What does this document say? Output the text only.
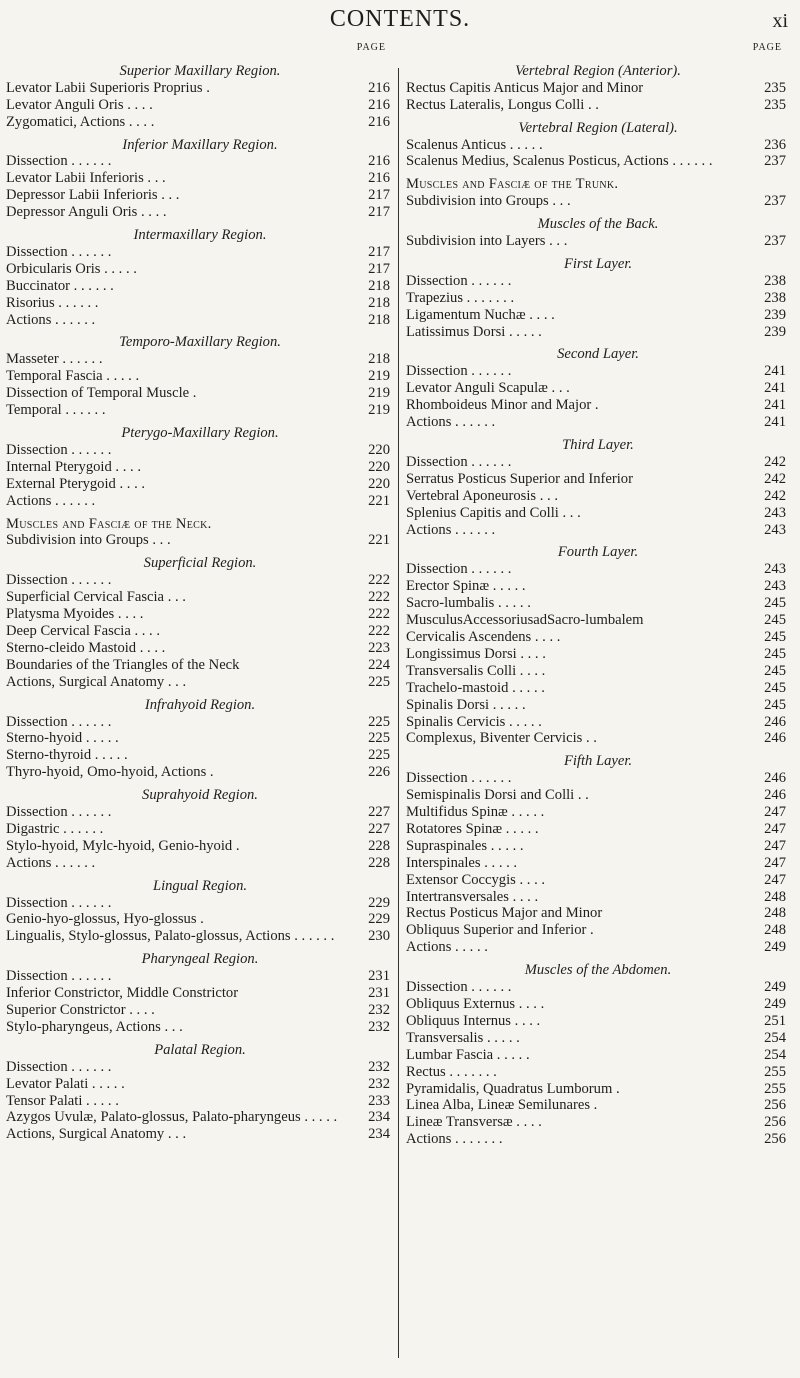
CONTENTS.	xi
PAGE
Superior Maxillary Region.
Levator Labii Superioris Proprius .	216
Levator Anguli Oris . . . .	216
Zygomatici, Actions . . . .	216
Inferior Maxillary Region.
Dissection . . . . . .	216
Levator Labii Inferioris . . .	216
Depressor Labii Inferioris . . .	217
Depressor Anguli Oris . . . .	217
Intermaxillary Region.
Dissection . . . . . .	217
Orbicularis Oris . . . . .	217
Buccinator . . . . . .	218
Risorius . . . . . .	218
Actions . . . . . .	218
Temporo-Maxillary Region.
Masseter . . . . . .	218
Temporal Fascia . . . . .	219
Dissection of Temporal Muscle .	219
Temporal . . . . . .	219
Pterygo-Maxillary Region.
Dissection . . . . . .	220
Internal Pterygoid . . . .	220
External Pterygoid . . . .	220
Actions . . . . . .	221
Muscles and Fasciæ of the Neck.
Subdivision into Groups . . .	221
Superficial Region.
Dissection . . . . . .	222
Superficial Cervical Fascia . . .	222
Platysma Myoides . . . .	222
Deep Cervical Fascia . . . .	222
Sterno-cleido Mastoid . . . .	223
Boundaries of the Triangles of the Neck	224
Actions, Surgical Anatomy . . .	225
Infrahyoid Region.
Dissection . . . . . .	225
Sterno-hyoid . . . . .	225
Sterno-thyroid . . . . .	225
Thyro-hyoid, Omo-hyoid, Actions .	226
Suprahyoid Region.
Dissection . . . . . .	227
Digastric . . . . . .	227
Stylo-hyoid, Mylc-hyoid, Genio-hyoid .	228
Actions . . . . . .	228
Lingual Region.
Dissection . . . . . .	229
Genio-hyo-glossus, Hyo-glossus .	229
Lingualis, Stylo-glossus, Palato-glossus, Actions . . . . . . 230
Pharyngeal Region.
Dissection . . . . . .	231
Inferior Constrictor, Middle Constrictor	231
Superior Constrictor . . . .	232
Stylo-pharyngeus, Actions . . .	232
Palatal Region.
Dissection . . . . . .	232
Levator Palati . . . . .	232
Tensor Palati . . . . .	233
Azygos Uvulæ, Palato-glossus, Palato-pharyngeus . . . . . 234
Actions, Surgical Anatomy . . .	234
PAGE
Vertebral Region (Anterior).
Rectus Capitis Anticus Major and Minor	235
Rectus Lateralis, Longus Colli . .	235
Vertebral Region (Lateral).
Scalenus Anticus . . . . .	236
Scalenus Medius, Scalenus Posticus, Actions . . . . . .	237
Muscles and Fasciæ of the Trunk.
Subdivision into Groups . . .	237
Muscles of the Back.
Subdivision into Layers . . .	237
First Layer.
Dissection . . . . . .	238
Trapezius . . . . . . .	238
Ligamentum Nuchæ . . . .	239
Latissimus Dorsi . . . . .	239
Second Layer.
Dissection . . . . . .	241
Levator Anguli Scapulæ . . .	241
Rhomboideus Minor and Major .	241
Actions . . . . . .	241
Third Layer.
Dissection . . . . . .	242
Serratus Posticus Superior and Inferior	242
Vertebral Aponeurosis . . .	242
Splenius Capitis and Colli . . .	243
Actions . . . . . .	243
Fourth Layer.
Dissection . . . . . .	243
Erector Spinæ . . . . .	243
Sacro-lumbalis . . . . .	245
MusculusAccessoriusadSacro-lumbalem	245
Cervicalis Ascendens . . . .	245
Longissimus Dorsi . . . .	245
Transversalis Colli . . . .	245
Trachelo-mastoid . . . . .	245
Spinalis Dorsi . . . . .	245
Spinalis Cervicis . . . . .	246
Complexus, Biventer Cervicis . .	246
Fifth Layer.
Dissection . . . . . .	246
Semispinalis Dorsi and Colli . .	246
Multifidus Spinæ . . . . .	247
Rotatores Spinæ . . . . .	247
Supraspinales . . . . .	247
Interspinales . . . . .	247
Extensor Coccygis . . . .	247
Intertransversales . . . .	248
Rectus Posticus Major and Minor	248
Obliquus Superior and Inferior .	248
Actions . . . . .	249
Muscles of the Abdomen.
Dissection . . . . . .	249
Obliquus Externus . . . .	249
Obliquus Internus . . . .	251
Transversalis . . . . .	254
Lumbar Fascia . . . . .	254
Rectus . . . . . . .	255
Pyramidalis, Quadratus Lumborum .	255
Linea Alba, Lineæ Semilunares .	256
Lineæ Transversæ . . . .	256
Actions . . . . . . .	256
